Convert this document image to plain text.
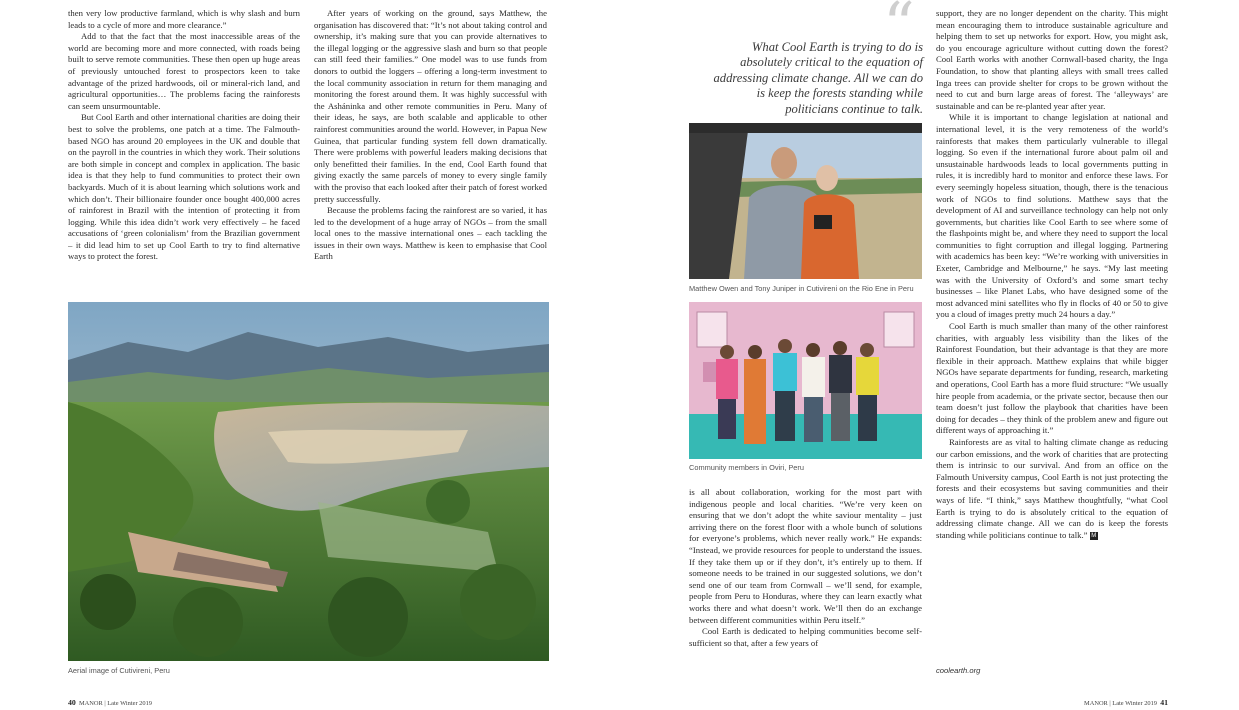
then very low productive farmland, which is why slash and burn leads to a cycle of more and more clearance.”

Add to that the fact that the most inaccessible areas of the world are becoming more and more connected, with roads being built to serve remote communities. These then open up huge areas of previously untouched forest to prospectors keen to take advantage of the prized hardwoods, oil or mineral-rich land, and agricultural opportunities… The problems facing the rainforests can seem unsurmountable.

But Cool Earth and other international charities are doing their best to solve the problems, one patch at a time. The Falmouth-based NGO has around 20 employees in the UK and double that on the payroll in the countries in which they work. Their solutions are both simple in concept and complex in application. The basic idea is that they help to fund communities to protect their own backyards. Much of it is about learning which solutions work and which don’t. Their billionaire founder once bought 400,000 acres of rainforest in Brazil with the intention of protecting it from logging. While this idea didn’t work very effectively – he faced accusations of ‘green colonialism’ from the Brazilian government – it did lead him to set up Cool Earth to try to find alternative ways to protect the forest.

After years of working on the ground, says Matthew, the organisation has discovered that: “It’s not about taking control and ownership, it’s making sure that you can provide alternatives to the illegal logging or the aggressive slash and burn so that people can still feed their families.” One model was to use funds from donors to outbid the loggers – offering a long-term investment to the local community association in return for them managing and monitoring the forest around them. It was highly successful with the Asháninka and other remote communities in Peru. Many of their ideas, he says, are both scalable and applicable to other rainforest communities around the world. However, in Papua New Guinea, that particular funding system fell down dramatically. There were problems with powerful leaders making decisions that only benefitted their families. In the end, Cool Earth found that giving exactly the same parcels of money to every single family with the proviso that each looked after their patch of forest worked pretty successfully.

Because the problems facing the rainforest are so varied, it has led to the development of a huge array of NGOs – from the small local ones to the massive international ones – each tackling the issues in their own ways. Matthew is keen to emphasise that Cool Earth

Aerial image of Cutivireni, Peru
40 MANOR | Late Winter 2019
“
What Cool Earth is trying to do is absolutely critical to the equation of addressing climate change. All we can do is keep the forests standing while politicians continue to talk.
Matthew Owen and Tony Juniper in Cutivireni on the Rio Ene in Peru
Community members in Oviri, Peru

is all about collaboration, working for the most part with indigenous people and local charities. “We’re very keen on ensuring that we don’t adopt the white saviour mentality – just arriving there on the forest floor with a whole bunch of solutions for everyone’s problems, which never really work.” He expands: “Instead, we provide resources for people to understand the issues. If they take them up or if they don’t, it’s entirely up to them. If someone needs to be trained in our suggested solutions, we don’t send one of our team from Cornwall – we’ll send, for example, people from Peru to Honduras, where they can learn exactly what works there and what doesn’t work. We’ll then do an exchange between different communities within Peru itself.”

Cool Earth is dedicated to helping communities become self-sufficient so that, after a few years of

support, they are no longer dependent on the charity. This might mean encouraging them to introduce sustainable agriculture and helping them to set up networks for export. How, you might ask, do you encourage agriculture without cutting down the forest? Cool Earth works with another Cornwall-based charity, the Inga Foundation, to show that planting alleys with small trees called Inga trees can provide shelter for crops to be grown without the need to cut and burn large areas of forest. The ‘alleyways’ are sustainable and can be re-planted year after year.

While it is important to change legislation at national and international level, it is the very remoteness of the world’s rainforests that makes them particularly vulnerable to illegal logging. So even if the international furore about palm oil and unsustainable hardwoods leads to local governments putting in rules, it is incredibly hard to monitor and enforce these laws. For every seemingly hopeless situation, though, there is the tenacious work of NGOs to find solutions. Matthew says that the development of AI and surveillance technology can help not only governments, but charities like Cool Earth to see where some of the flashpoints might be, and where they need to support the local communities to fight corruption and illegal logging. Partnering with academics has been key: “We’re working with universities in Exeter, Cambridge and Melbourne,” he says. “My last meeting was with the University of Oxford’s and some smart techy businesses – like Planet Labs, who have designed some of the most advanced mini satellites who fly in flocks of 40 or 50 to give you a cloud of images pretty much 24 hours a day.”

Cool Earth is much smaller than many of the other rainforest charities, with arguably less visibility than the likes of the Rainforest Foundation, but their advantage is that they are more flexible in their approach. Matthew explains that while bigger NGOs have separate departments for funding, research, marketing and operations, Cool Earth has a more fluid structure: “We usually hire people from academia, or the private sector, because then our team doesn’t just follow the playbook that charities have been doing for decades – they think of the problem anew and figure out different ways of approaching it.”

Rainforests are as vital to halting climate change as reducing our carbon emissions, and the work of charities that are protecting them is intrinsic to our survival. And from an office on the Falmouth University campus, Cool Earth is not just protecting the forests and their ecosystems but saving communities and their ways of life. “I think,” says Matthew thoughtfully, “what Cool Earth is trying to do is absolutely critical to the equation of addressing climate change. All we can do is keep the forests standing while politicians continue to talk.” M

coolearth.org
MANOR | Late Winter 2019 41
